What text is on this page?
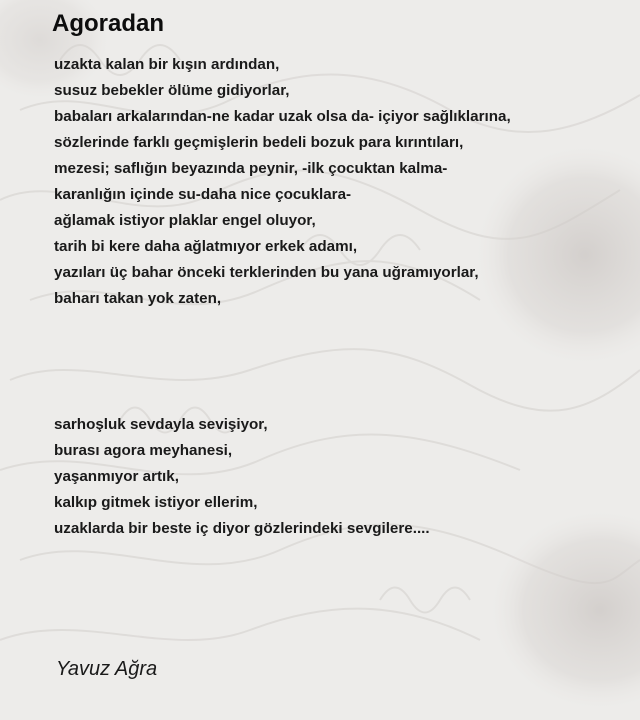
Agoradan
uzakta kalan bir kışın ardından,
susuz bebekler ölüme gidiyorlar,
babaları arkalarından-ne kadar uzak olsa da- içiyor sağlıklarına,
sözlerinde farklı geçmişlerin bedeli bozuk para kırıntıları,
mezesi; saflığın beyazında peynir, -ilk çocuktan kalma-
karanlığın içinde su-daha nice çocuklara-
ağlamak istiyor plaklar engel oluyor,
tarih bi kere daha ağlatmıyor erkek adamı,
yazıları üç bahar önceki terklerinden bu yana uğramıyorlar,
baharı takan yok zaten,
sarhoşluk sevdayla sevişiyor,
burası agora meyhanesi,
yaşanmıyor artık,
kalkıp gitmek istiyor ellerim,
uzaklarda bir beste iç diyor gözlerindeki sevgilere....
Yavuz Ağra
